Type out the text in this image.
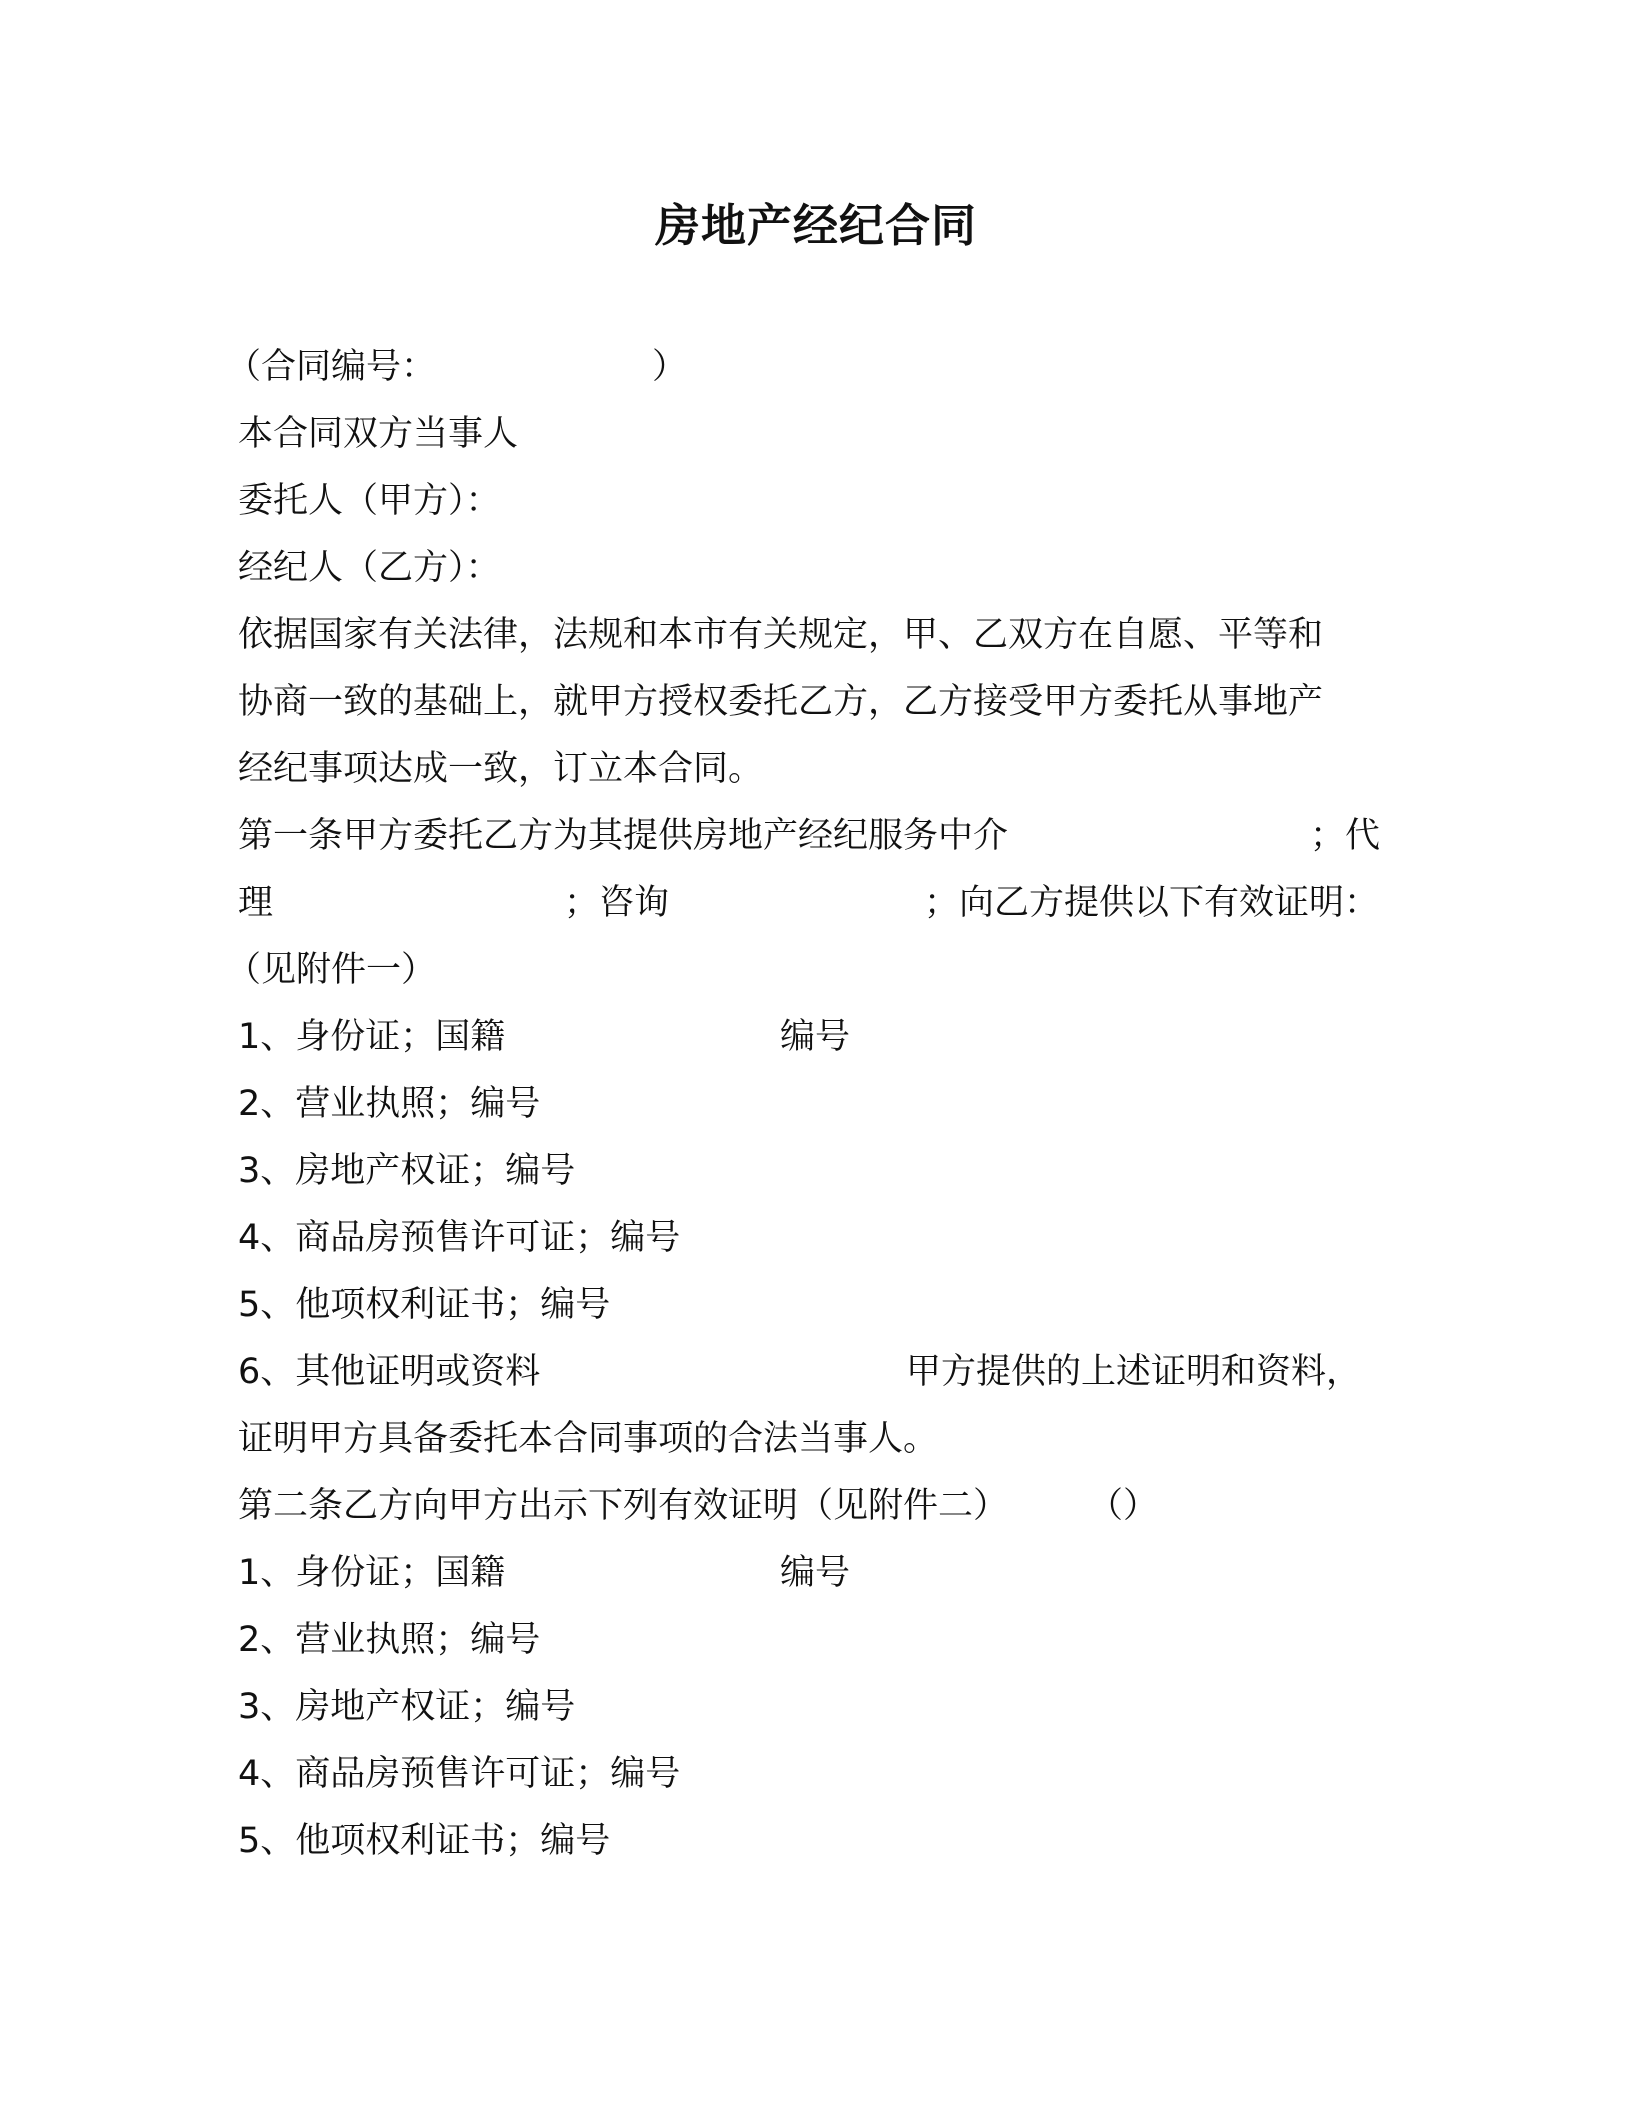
房地产经纪合同
（合同编号：	）
本合同双方当事人
委托人（甲方）：
经纪人（乙方）：
依据国家有关法律，法规和本市有关规定，甲、乙双方在自愿、平等和
协商一致的基础上，就甲方授权委托乙方，乙方接受甲方委托从事地产
经纪事项达成一致，订立本合同。
第一条甲方委托乙方为其提供房地产经纪服务中介	；代
理	；咨询	；向乙方提供以下有效证明：
（见附件一）
1、身份证；国籍	编号
2、营业执照；编号
3、房地产权证；编号
4、商品房预售许可证；编号
5、他项权利证书；编号
6、其他证明或资料	甲方提供的上述证明和资料，
证明甲方具备委托本合同事项的合法当事人。
第二条乙方向甲方出示下列有效证明（见附件二） （）
1、身份证；国籍	编号
2、营业执照；编号
3、房地产权证；编号
4、商品房预售许可证；编号
5、他项权利证书；编号
